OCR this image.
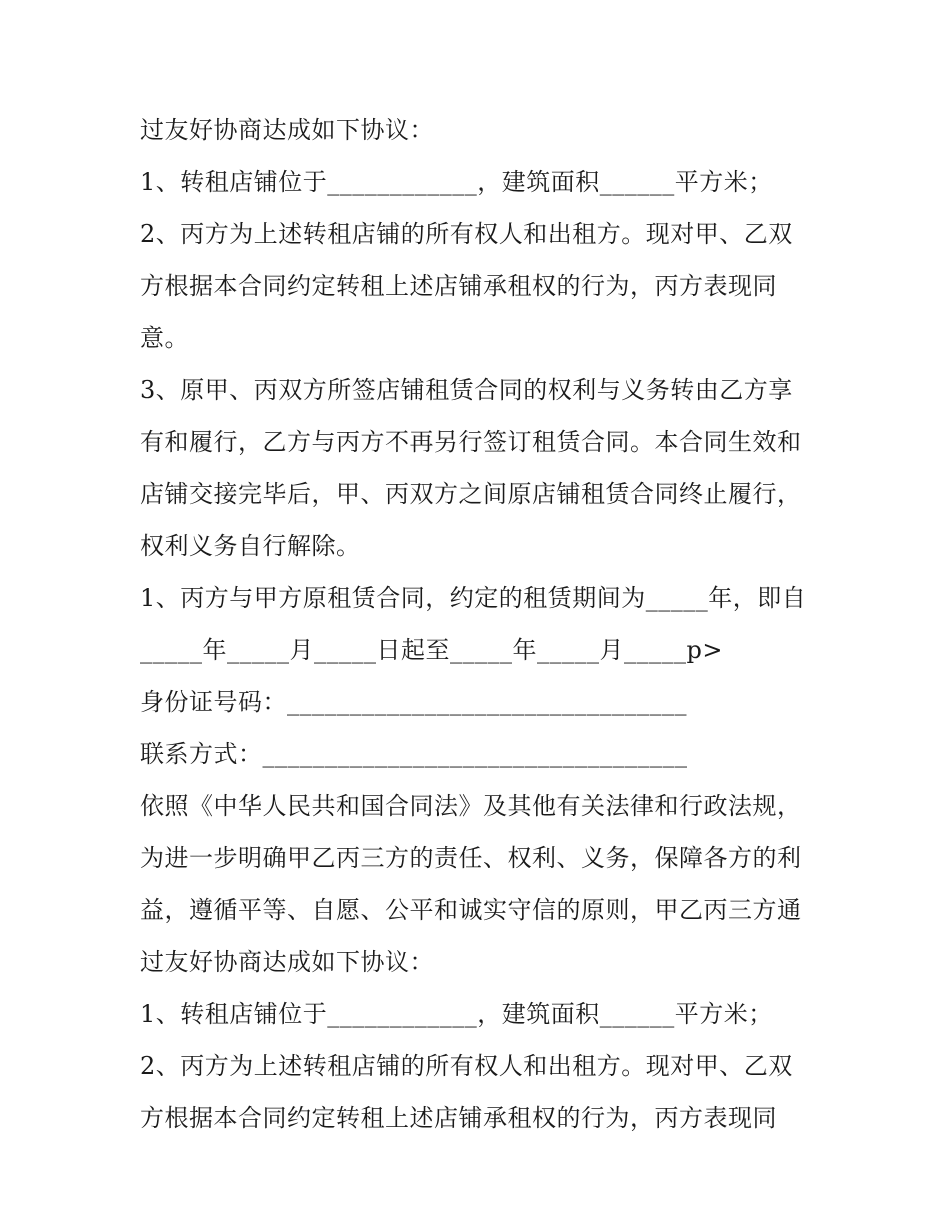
过友好协商达成如下协议：
1、转租店铺位于____________，建筑面积______平方米；
2、丙方为上述转租店铺的所有权人和出租方。现对甲、乙双
方根据本合同约定转租上述店铺承租权的行为，丙方表现同
意。
3、原甲、丙双方所签店铺租赁合同的权利与义务转由乙方享
有和履行，乙方与丙方不再另行签订租赁合同。本合同生效和
店铺交接完毕后，甲、丙双方之间原店铺租赁合同终止履行，
权利义务自行解除。
1、丙方与甲方原租赁合同，约定的租赁期间为_____年，即自
_____年_____月_____日起至_____年_____月_____p>
身份证号码：________________________________
联系方式：__________________________________
依照《中华人民共和国合同法》及其他有关法律和行政法规，
为进一步明确甲乙丙三方的责任、权利、义务，保障各方的利
益，遵循平等、自愿、公平和诚实守信的原则，甲乙丙三方通
过友好协商达成如下协议：
1、转租店铺位于____________，建筑面积______平方米；
2、丙方为上述转租店铺的所有权人和出租方。现对甲、乙双
方根据本合同约定转租上述店铺承租权的行为，丙方表现同
